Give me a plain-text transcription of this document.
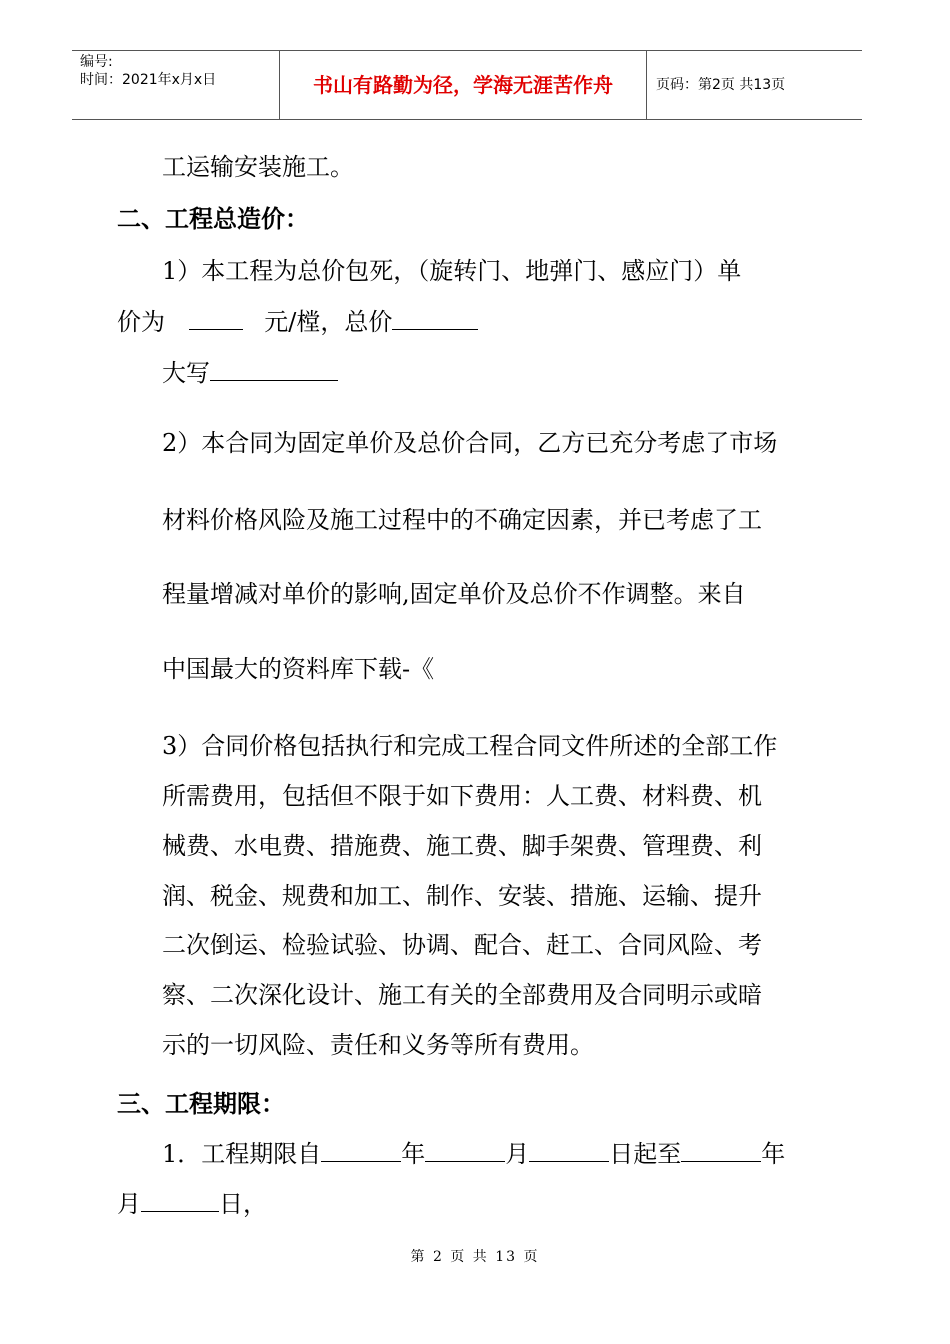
编号:
时间：2021年x月x日	书山有路勤为径，学海无涯苦作舟	页码：第2页 共13页
工运输安装施工。
二、工程总造价：
1）本工程为总价包死，（旋转门、地弹门、感应门）单
价为	元/樘，总价
大写
2）本合同为固定单价及总价合同，乙方已充分考虑了市场
材料价格风险及施工过程中的不确定因素，并已考虑了工
程量增减对单价的影响,固定单价及总价不作调整。来自
中国最大的资料库下载-《
3）合同价格包括执行和完成工程合同文件所述的全部工作
所需费用，包括但不限于如下费用：人工费、材料费、机
械费、水电费、措施费、施工费、脚手架费、管理费、利
润、税金、规费和加工、制作、安装、措施、运输、提升
二次倒运、检验试验、协调、配合、赶工、合同风险、考
察、二次深化设计、施工有关的全部费用及合同明示或暗
示的一切风险、责任和义务等所有费用。
三、工程期限：
1．工程期限自	年	月	日起至	年
月	日，
第 2 页 共 13 页
